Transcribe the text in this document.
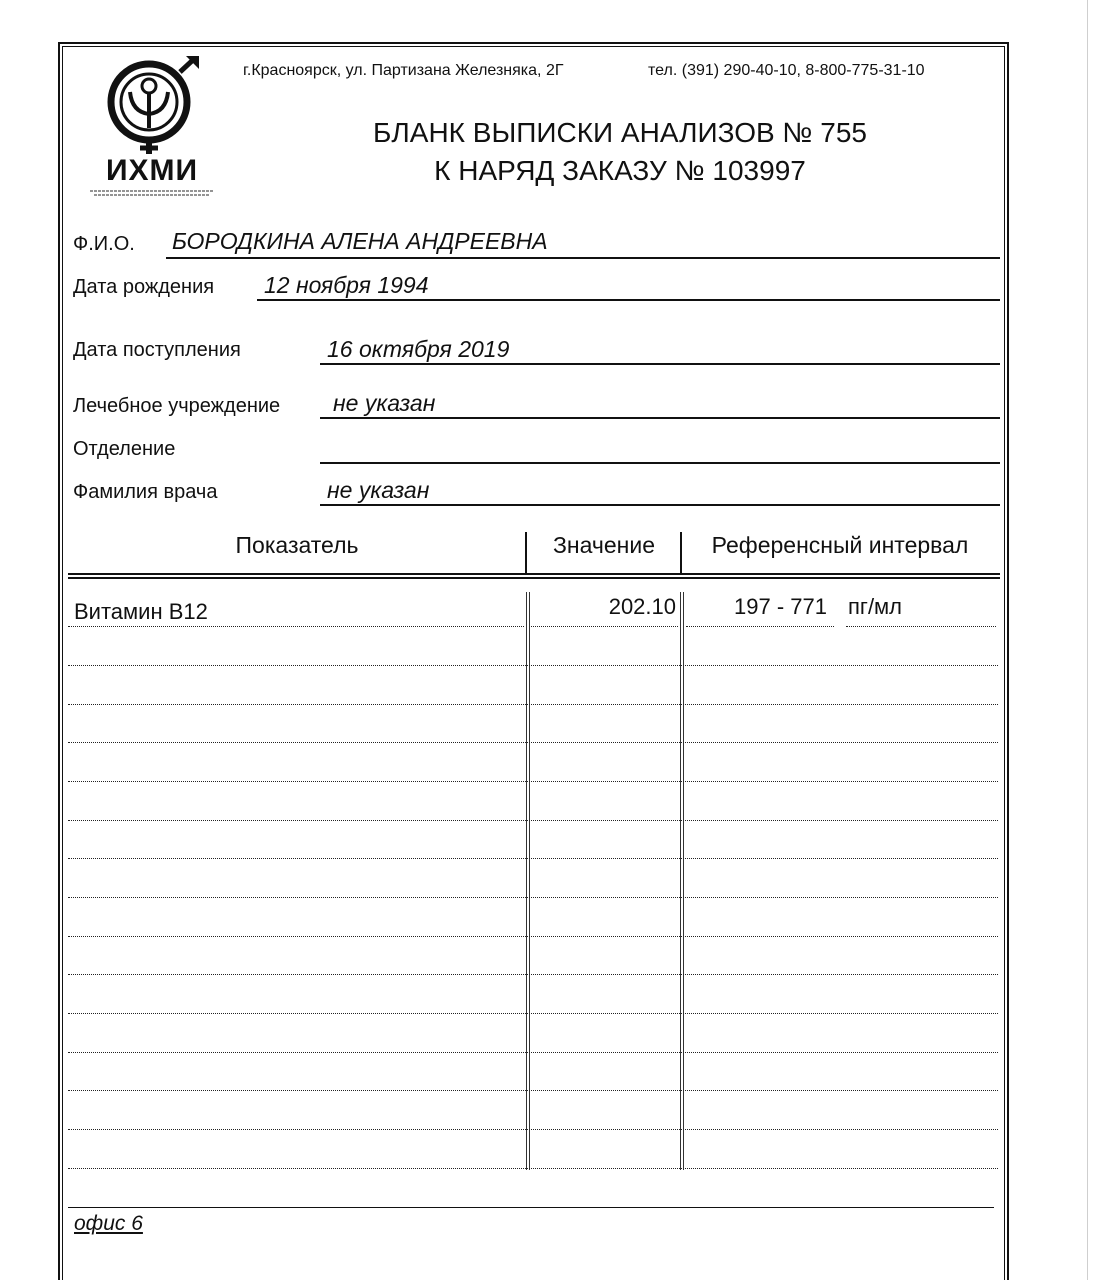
ИХМИ
г.Красноярск, ул. Партизана Железняка, 2Г	тел. (391) 290-40-10, 8-800-775-31-10
БЛАНК ВЫПИСКИ АНАЛИЗОВ № 755
К НАРЯД ЗАКАЗУ № 103997
Ф.И.О. БОРОДКИНА АЛЕНА АНДРЕЕВНА
Дата рождения 12 ноября 1994
Дата поступления	16 октября 2019
Лечебное учреждение не указан
Отделение
Фамилия врача	не указан
Показатель	Значение	Референсный интервал
Витамин B12	202.10	197 - 771 пг/мл
офис 6
